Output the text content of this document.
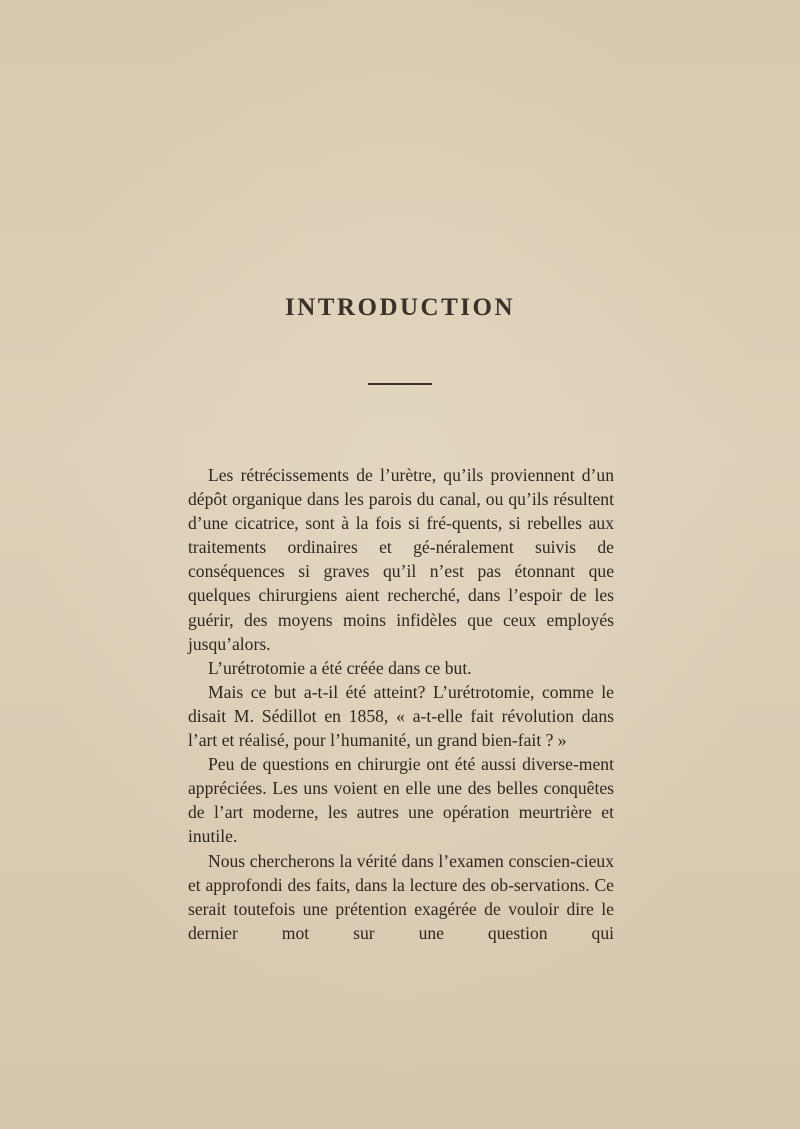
INTRODUCTION

Les rétrécissements de l’urètre, qu’ils proviennent d’un dépôt organique dans les parois du canal, ou qu’ils résultent d’une cicatrice, sont à la fois si fré-quents, si rebelles aux traitements ordinaires et gé-néralement suivis de conséquences si graves qu’il n’est pas étonnant que quelques chirurgiens aient recherché, dans l’espoir de les guérir, des moyens moins infidèles que ceux employés jusqu’alors.

L’urétrotomie a été créée dans ce but.

Mais ce but a-t-il été atteint? L’urétrotomie, comme le disait M. Sédillot en 1858, « a-t-elle fait révolution dans l’art et réalisé, pour l’humanité, un grand bien-fait ? »

Peu de questions en chirurgie ont été aussi diverse-ment appréciées. Les uns voient en elle une des belles conquêtes de l’art moderne, les autres une opération meurtrière et inutile.

Nous chercherons la vérité dans l’examen conscien-cieux et approfondi des faits, dans la lecture des ob-servations. Ce serait toutefois une prétention exagérée de vouloir dire le dernier mot sur une question qui
